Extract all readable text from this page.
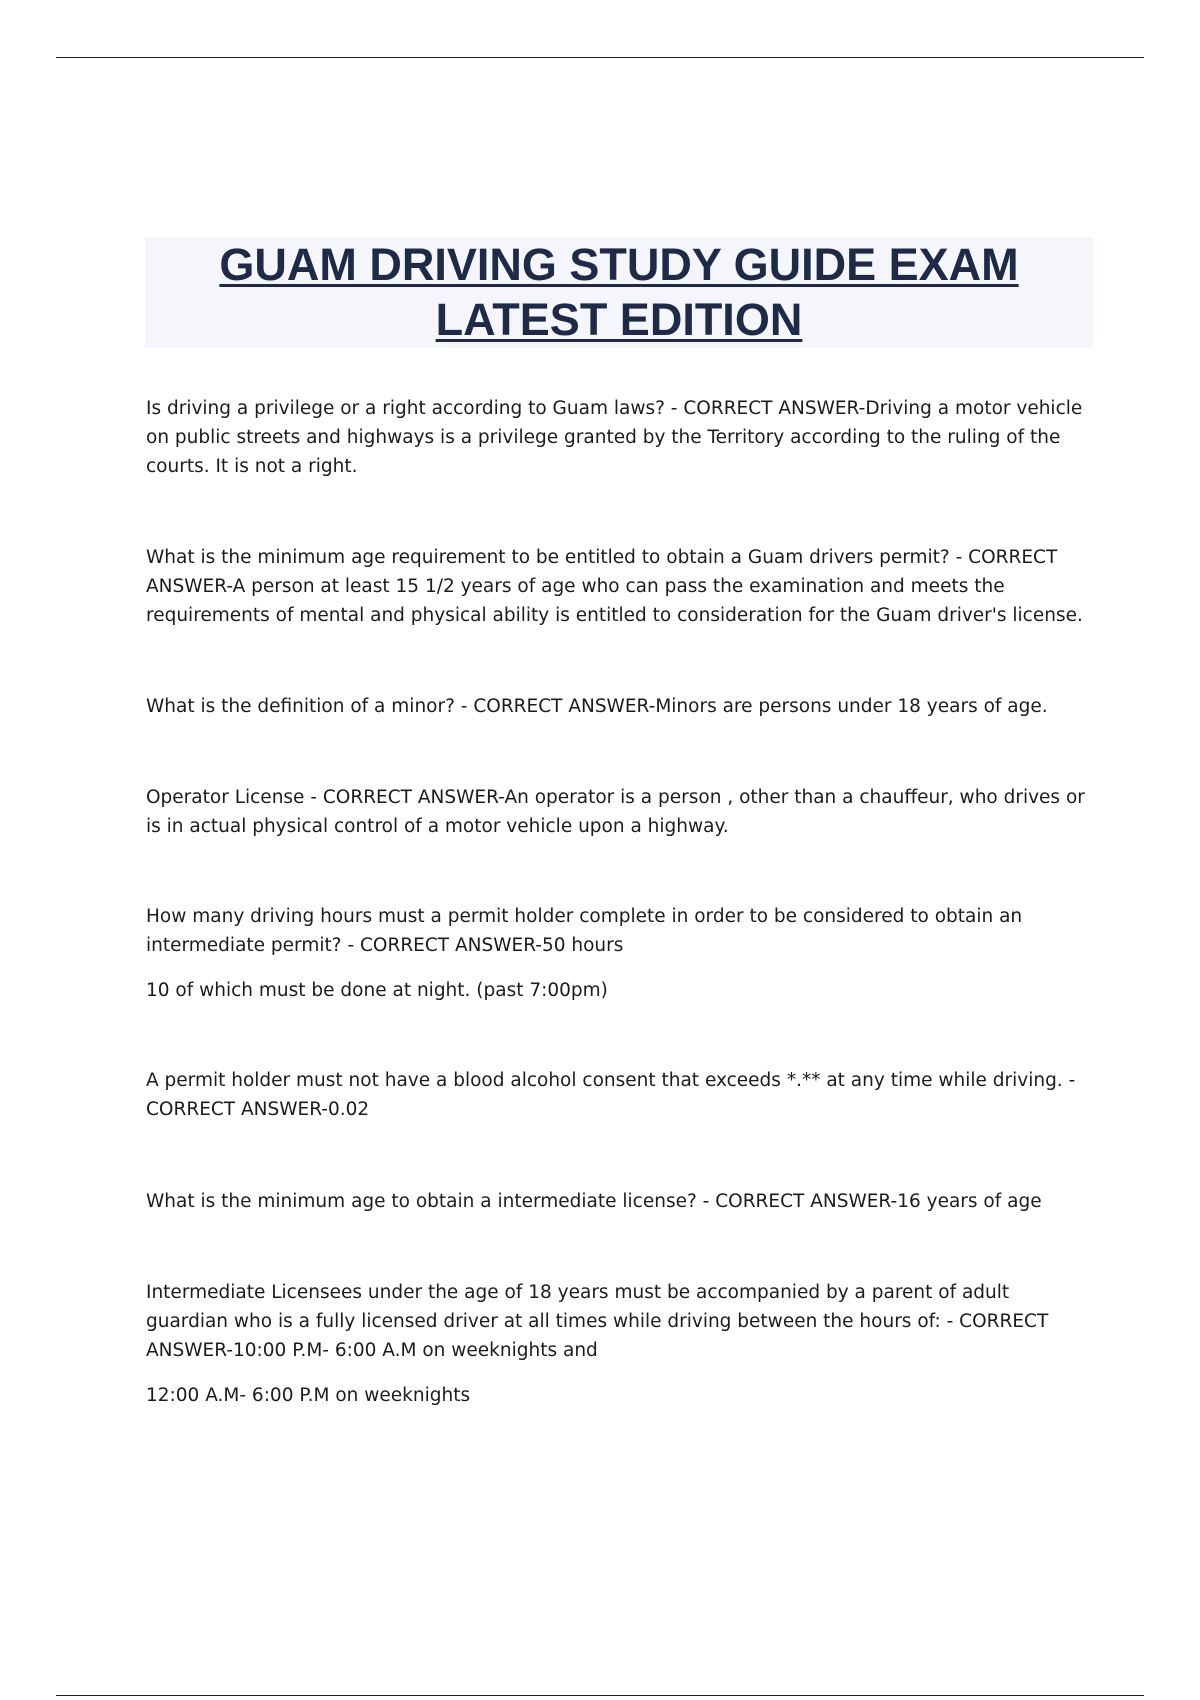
GUAM DRIVING STUDY GUIDE EXAM
LATEST EDITION

Is driving a privilege or a right according to Guam laws? - CORRECT ANSWER-Driving a motor vehicle on public streets and highways is a privilege granted by the Territory according to the ruling of the courts. It is not a right.

What is the minimum age requirement to be entitled to obtain a Guam drivers permit? - CORRECT ANSWER-A person at least 15 1/2 years of age who can pass the examination and meets the requirements of mental and physical ability is entitled to consideration for the Guam driver's license.

What is the definition of a minor? - CORRECT ANSWER-Minors are persons under 18 years of age.

Operator License - CORRECT ANSWER-An operator is a person , other than a chauffeur, who drives or is in actual physical control of a motor vehicle upon a highway.

How many driving hours must a permit holder complete in order to be considered to obtain an intermediate permit? - CORRECT ANSWER-50 hours

10 of which must be done at night. (past 7:00pm)

A permit holder must not have a blood alcohol consent that exceeds *.** at any time while driving. - CORRECT ANSWER-0.02

What is the minimum age to obtain a intermediate license? - CORRECT ANSWER-16 years of age

Intermediate Licensees under the age of 18 years must be accompanied by a parent of adult guardian who is a fully licensed driver at all times while driving between the hours of: - CORRECT ANSWER-10:00 P.M- 6:00 A.M on weeknights and

12:00 A.M- 6:00 P.M on weeknights
